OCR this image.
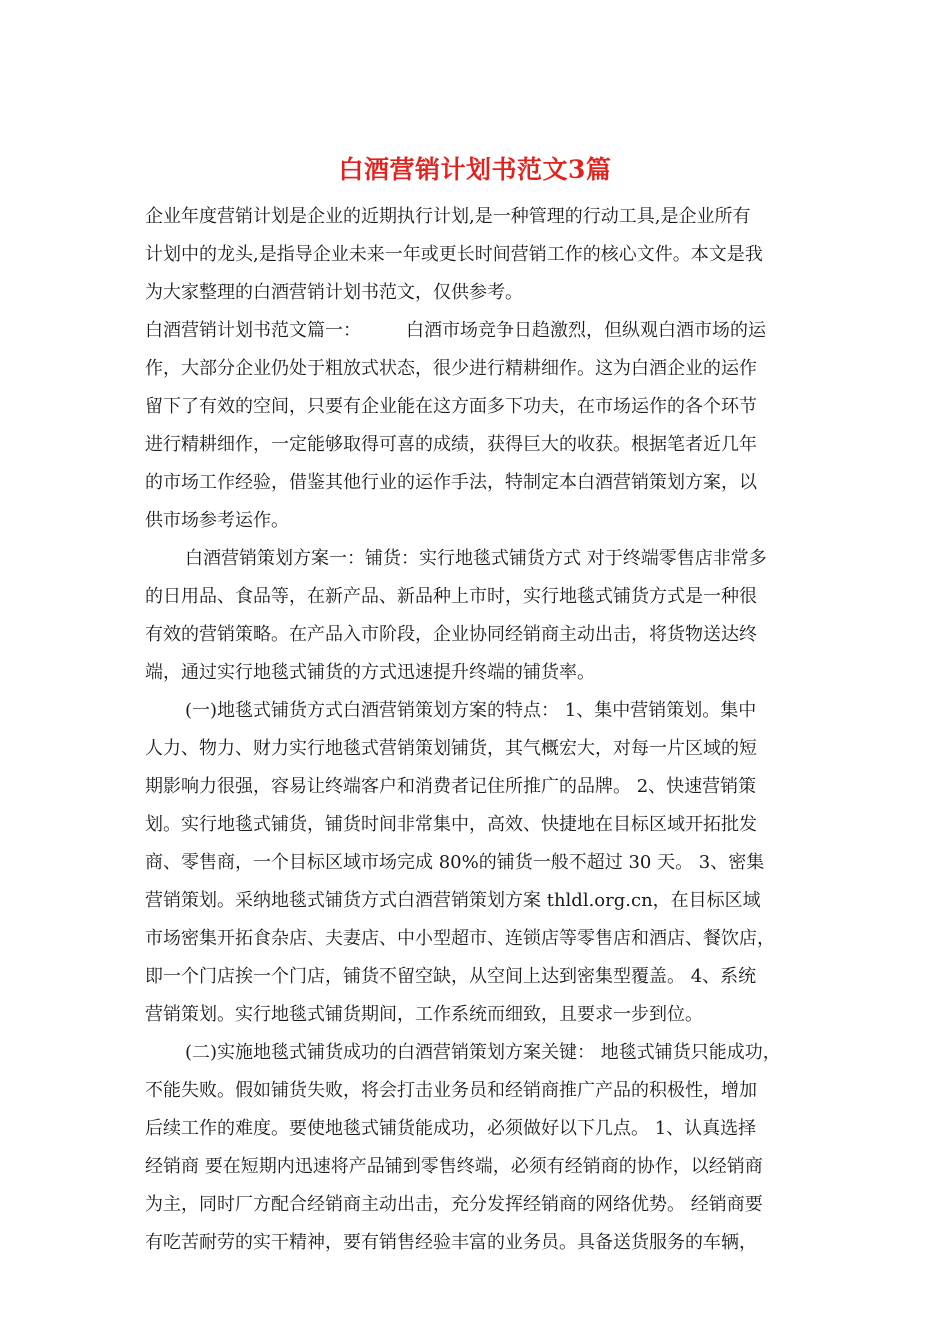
白酒营销计划书范文3篇
企业年度营销计划是企业的近期执行计划,是一种管理的行动工具,是企业所有
计划中的龙头,是指导企业未来一年或更长时间营销工作的核心文件。本文是我
为大家整理的白酒营销计划书范文，仅供参考。
白酒营销计划书范文篇一：　　　白酒市场竞争日趋激烈，但纵观白酒市场的运
作，大部分企业仍处于粗放式状态，很少进行精耕细作。这为白酒企业的运作
留下了有效的空间，只要有企业能在这方面多下功夫，在市场运作的各个环节
进行精耕细作，一定能够取得可喜的成绩，获得巨大的收获。根据笔者近几年
的市场工作经验，借鉴其他行业的运作手法，特制定本白酒营销策划方案，以
供市场参考运作。
白酒营销策划方案一：铺货：实行地毯式铺货方式 对于终端零售店非常多
的日用品、食品等，在新产品、新品种上市时，实行地毯式铺货方式是一种很
有效的营销策略。在产品入市阶段，企业协同经销商主动出击，将货物送达终
端，通过实行地毯式铺货的方式迅速提升终端的铺货率。
(一)地毯式铺货方式白酒营销策划方案的特点： 1、集中营销策划。集中
人力、物力、财力实行地毯式营销策划铺货，其气概宏大，对每一片区域的短
期影响力很强，容易让终端客户和消费者记住所推广的品牌。 2、快速营销策
划。实行地毯式铺货，铺货时间非常集中，高效、快捷地在目标区域开拓批发
商、零售商，一个目标区域市场完成 80%的铺货一般不超过 30 天。 3、密集
营销策划。采纳地毯式铺货方式白酒营销策划方案 thldl.org.cn，在目标区域
市场密集开拓食杂店、夫妻店、中小型超市、连锁店等零售店和酒店、餐饮店，
即一个门店挨一个门店，铺货不留空缺，从空间上达到密集型覆盖。 4、系统
营销策划。实行地毯式铺货期间，工作系统而细致，且要求一步到位。
(二)实施地毯式铺货成功的白酒营销策划方案关键： 地毯式铺货只能成功，
不能失败。假如铺货失败，将会打击业务员和经销商推广产品的积极性，增加
后续工作的难度。要使地毯式铺货能成功，必须做好以下几点。 1、认真选择
经销商 要在短期内迅速将产品铺到零售终端，必须有经销商的协作，以经销商
为主，同时厂方配合经销商主动出击，充分发挥经销商的网络优势。 经销商要
有吃苦耐劳的实干精神，要有销售经验丰富的业务员。具备送货服务的车辆，
